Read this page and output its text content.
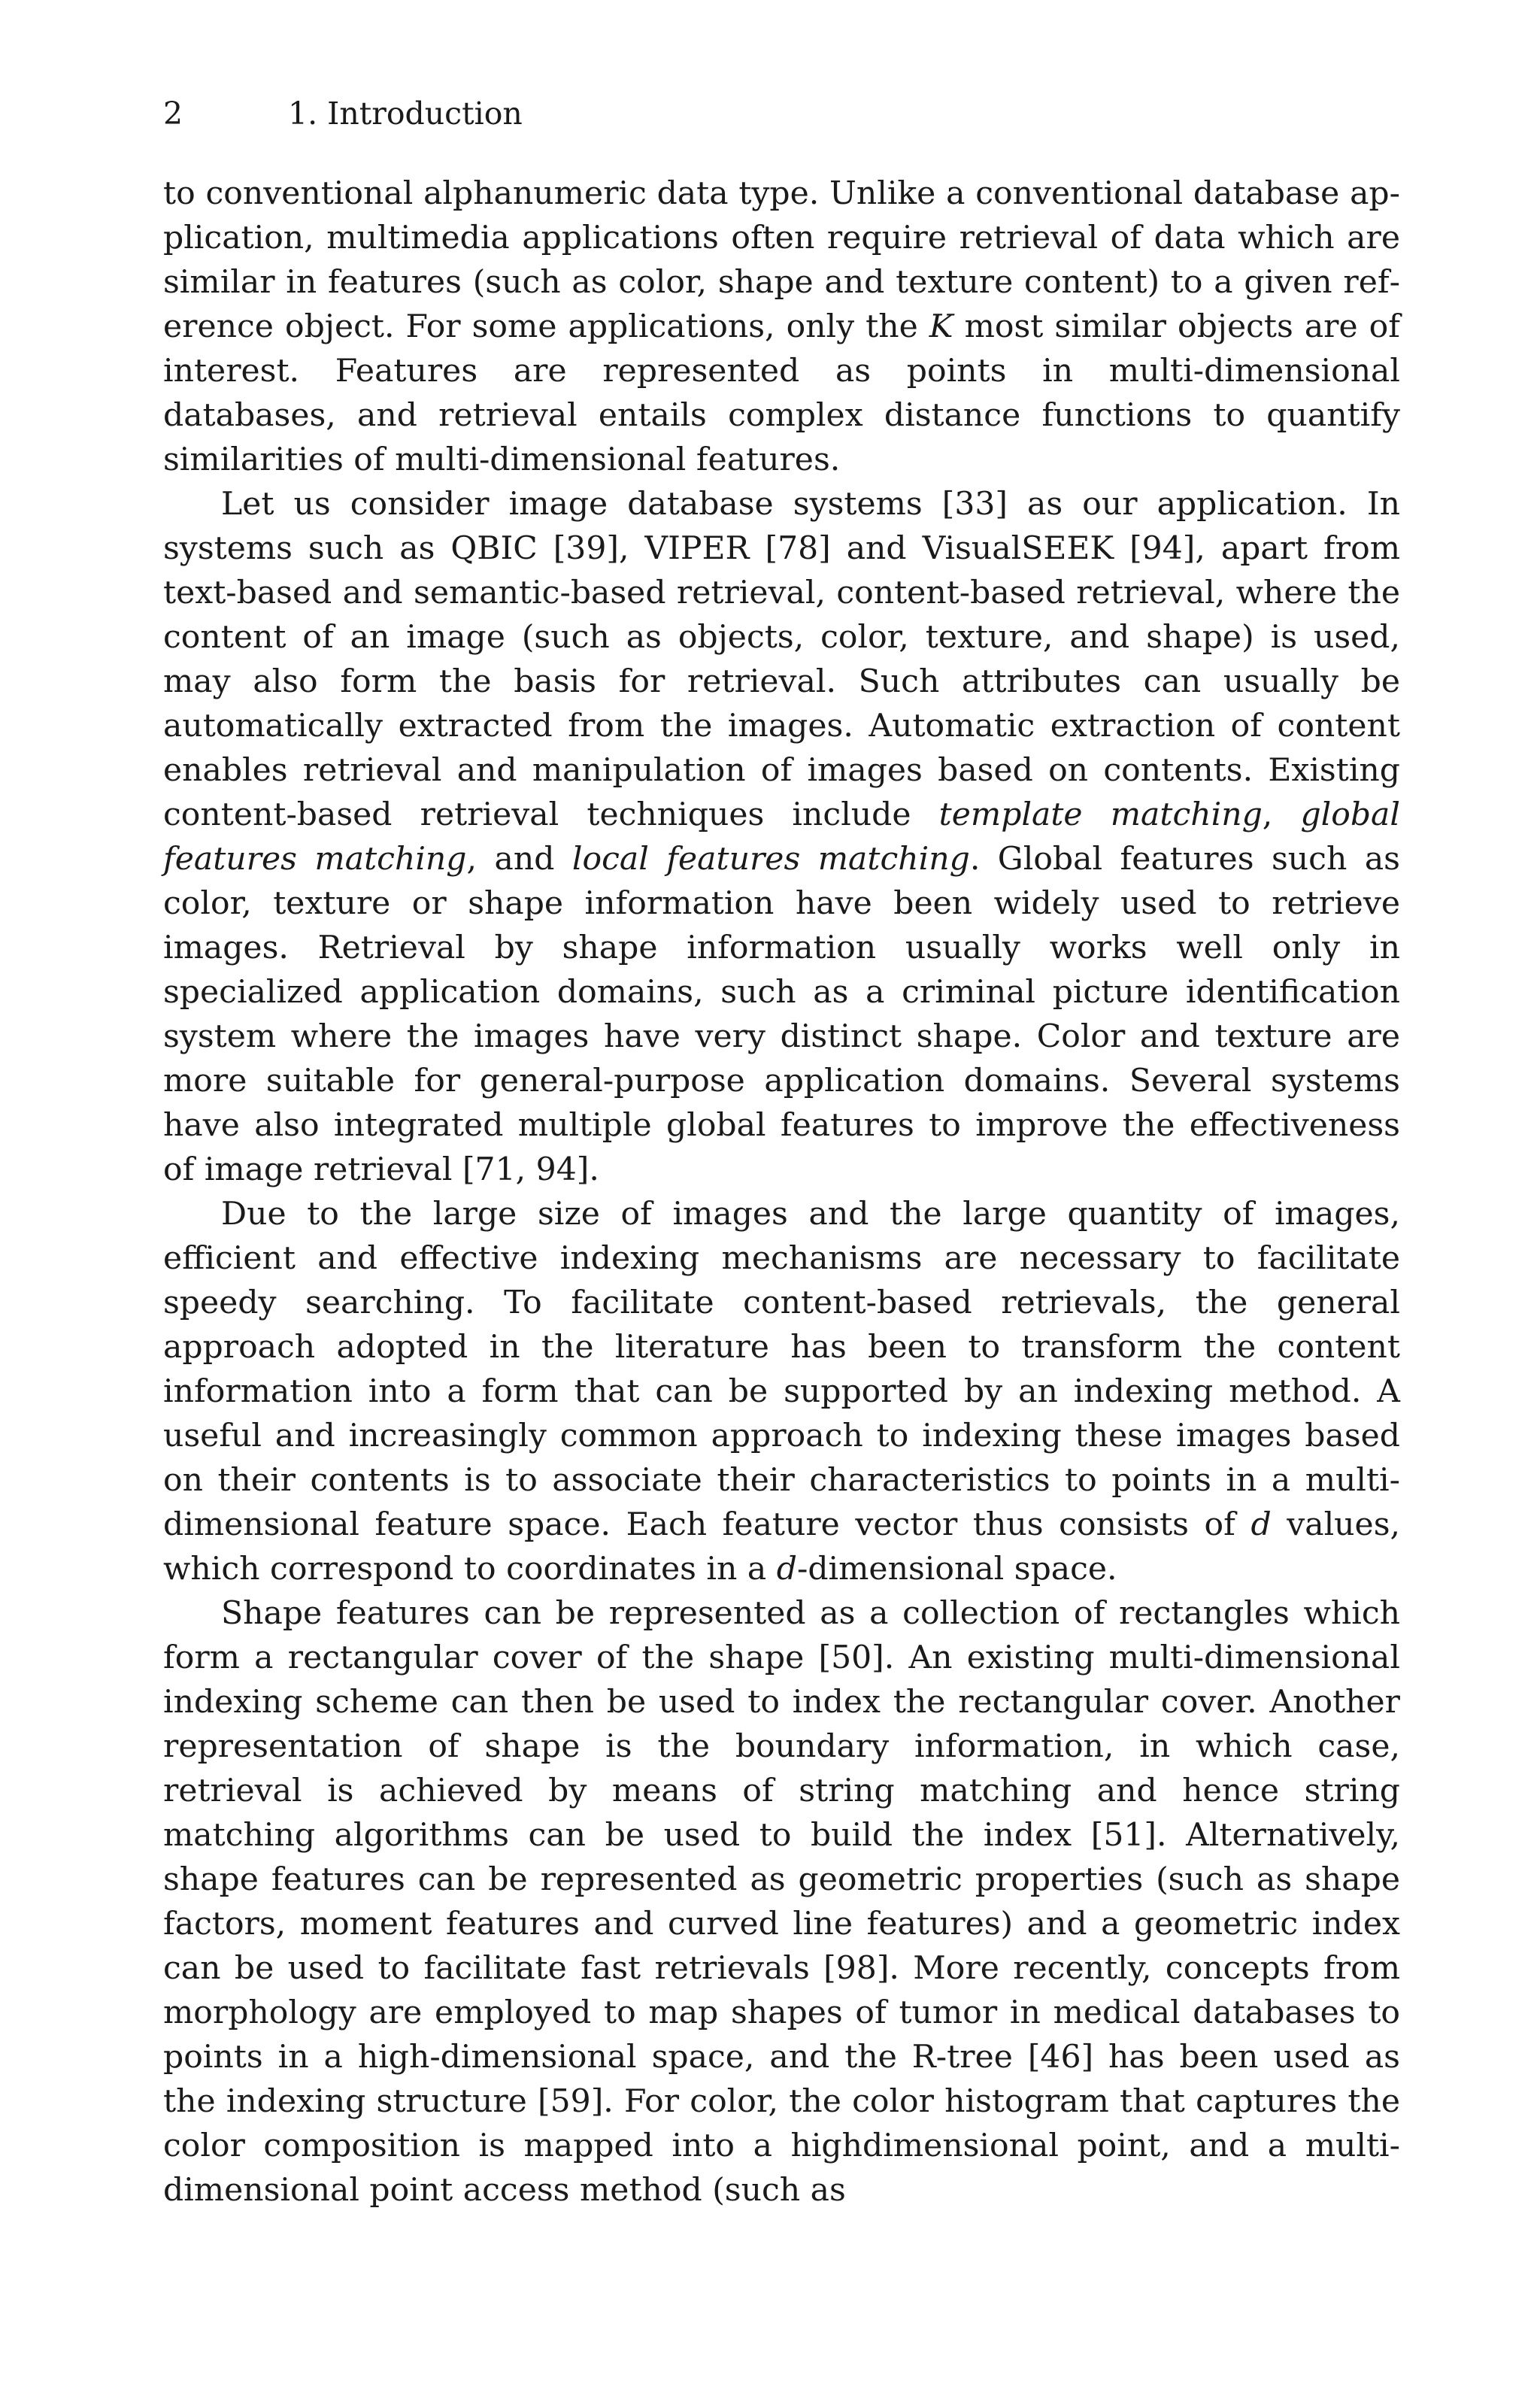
2	1. Introduction

to conventional alphanumeric data type. Unlike a conventional database application, multimedia applications often require retrieval of data which are similar in features (such as color, shape and texture content) to a given reference object. For some applications, only the K most similar objects are of interest. Features are represented as points in multi-dimensional databases, and retrieval entails complex distance functions to quantify similarities of multi-dimensional features.

Let us consider image database systems [33] as our application. In systems such as QBIC [39], VIPER [78] and VisualSEEK [94], apart from text-based and semantic-based retrieval, content-based retrieval, where the content of an image (such as objects, color, texture, and shape) is used, may also form the basis for retrieval. Such attributes can usually be automatically extracted from the images. Automatic extraction of content enables retrieval and manipulation of images based on contents. Existing content-based retrieval techniques include template matching, global features matching, and local features matching. Global features such as color, texture or shape information have been widely used to retrieve images. Retrieval by shape information usually works well only in specialized application domains, such as a criminal picture identification system where the images have very distinct shape. Color and texture are more suitable for general-purpose application domains. Several systems have also integrated multiple global features to improve the effectiveness of image retrieval [71, 94].

Due to the large size of images and the large quantity of images, efficient and effective indexing mechanisms are necessary to facilitate speedy searching. To facilitate content-based retrievals, the general approach adopted in the literature has been to transform the content information into a form that can be supported by an indexing method. A useful and increasingly common approach to indexing these images based on their contents is to associate their characteristics to points in a multi-dimensional feature space. Each feature vector thus consists of d values, which correspond to coordinates in a d-dimensional space.

Shape features can be represented as a collection of rectangles which form a rectangular cover of the shape [50]. An existing multi-dimensional indexing scheme can then be used to index the rectangular cover. Another representation of shape is the boundary information, in which case, retrieval is achieved by means of string matching and hence string matching algorithms can be used to build the index [51]. Alternatively, shape features can be represented as geometric properties (such as shape factors, moment features and curved line features) and a geometric index can be used to facilitate fast retrievals [98]. More recently, concepts from morphology are employed to map shapes of tumor in medical databases to points in a high-dimensional space, and the R-tree [46] has been used as the indexing structure [59]. For color, the color histogram that captures the color composition is mapped into a highdimensional point, and a multi-dimensional point access method (such as
